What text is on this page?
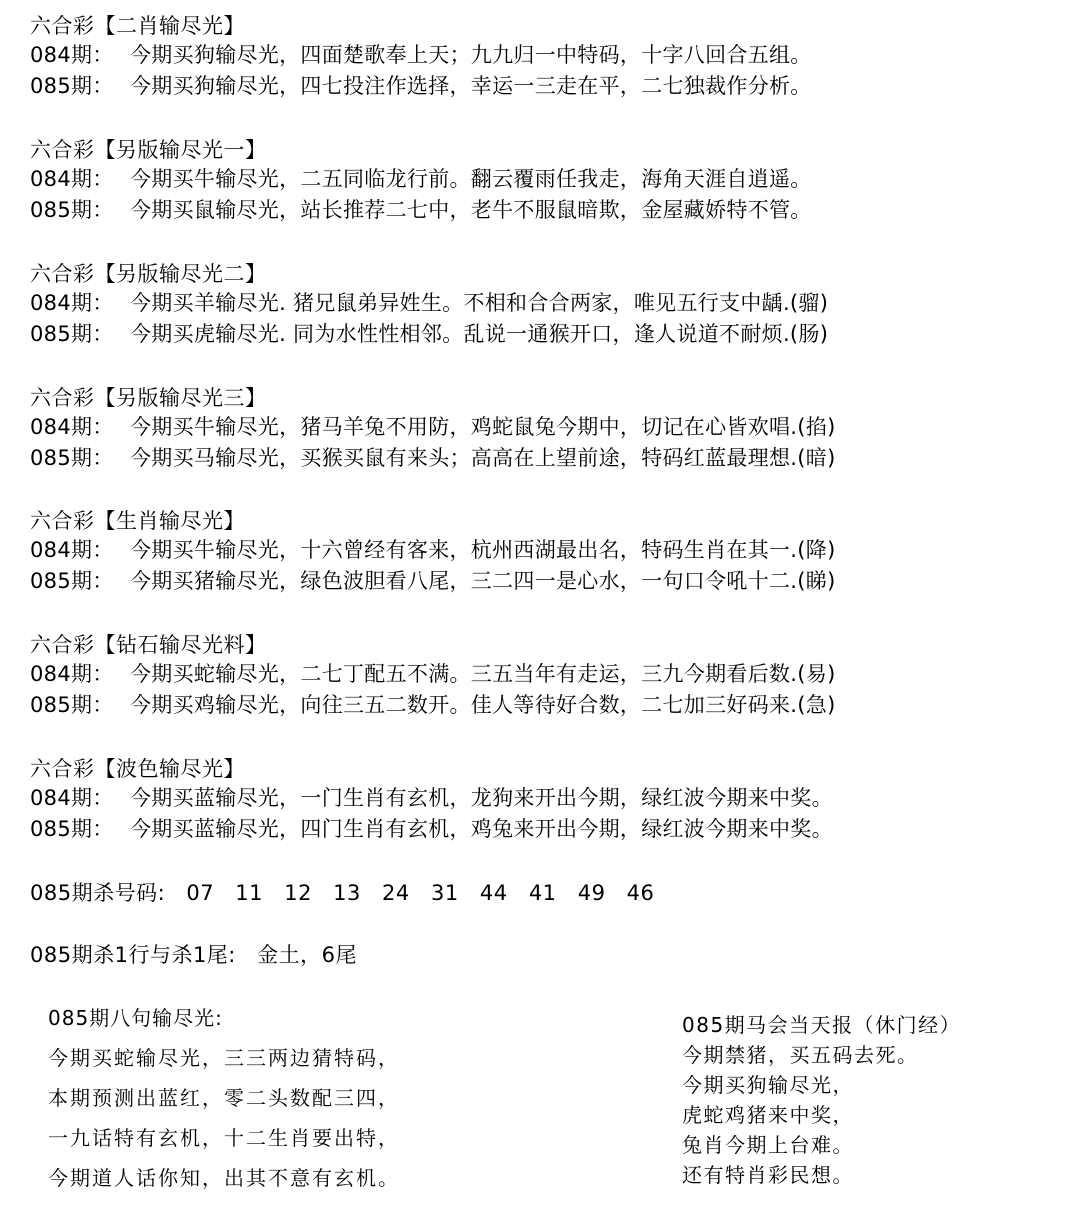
六合彩【二肖输尽光】
084期： 今期买狗输尽光，四面楚歌奉上天；九九归一中特码，十字八回合五组。
085期： 今期买狗输尽光，四七投注作选择，幸运一三走在平，二七独裁作分析。
六合彩【另版输尽光一】
084期： 今期买牛输尽光，二五同临龙行前。翻云覆雨任我走，海角天涯自逍遥。
085期： 今期买鼠输尽光，站长推荐二七中，老牛不服鼠暗欺，金屋藏娇特不管。
六合彩【另版输尽光二】
084期： 今期买羊输尽光. 猪兄鼠弟异姓生。不相和合合两家，唯见五行支中龋.(骝)
085期： 今期买虎输尽光. 同为水性性相邻。乱说一通猴开口，逢人说道不耐烦.(肠)
六合彩【另版输尽光三】
084期： 今期买牛输尽光，猪马羊兔不用防，鸡蛇鼠兔今期中，切记在心皆欢唱.(掐)
085期： 今期买马输尽光，买猴买鼠有来头；高高在上望前途，特码红蓝最理想.(暗)
六合彩【生肖输尽光】
084期： 今期买牛输尽光，十六曾经有客来，杭州西湖最出名，特码生肖在其一.(降)
085期： 今期买猪输尽光，绿色波胆看八尾，三二四一是心水，一句口令吼十二.(睇)
六合彩【钻石输尽光料】
084期： 今期买蛇输尽光，二七丁配五不满。三五当年有走运，三九今期看后数.(易)
085期： 今期买鸡输尽光，向往三五二数开。佳人等待好合数，二七加三好码来.(急)
六合彩【波色输尽光】
084期： 今期买蓝输尽光，一门生肖有玄机，龙狗来开出今期，绿红波今期来中奖。
085期： 今期买蓝输尽光，四门生肖有玄机，鸡兔来开出今期，绿红波今期来中奖。
085期杀号码: 07 11 12 13 24 31 44 41 49 46
085期杀1行与杀1尾: 金土，6尾
085期八句输尽光:
今期买蛇输尽光，三三两边猜特码，
本期预测出蓝红，零二头数配三四，
一九话特有玄机，十二生肖要出特，
今期道人话你知，出其不意有玄机。
085期马会当天报（休门经）
今期禁猪，买五码去死。
今期买狗输尽光，
虎蛇鸡猪来中奖，
兔肖今期上台难。
还有特肖彩民想。
